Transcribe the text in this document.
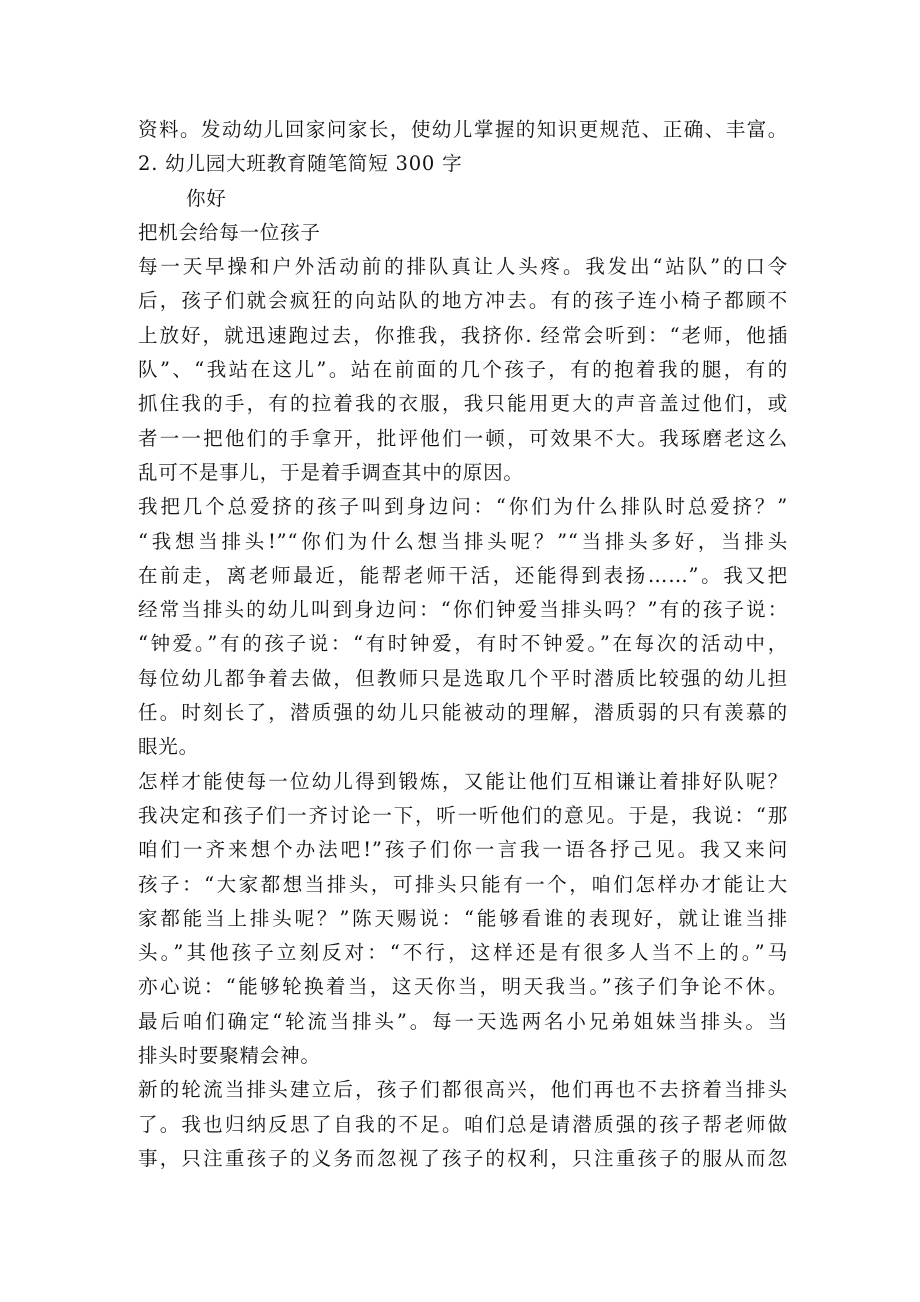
资料。发动幼儿回家问家长，使幼儿掌握的知识更规范、正确、丰富。
2. 幼儿园大班教育随笔简短 300 字
你好
把机会给每一位孩子
每一天早操和户外活动前的排队真让人头疼。我发出“站队”的口令
后，孩子们就会疯狂的向站队的地方冲去。有的孩子连小椅子都顾不
上放好，就迅速跑过去，你推我，我挤你. 经常会听到：“老师，他插
队”、“我站在这儿”。站在前面的几个孩子，有的抱着我的腿，有的
抓住我的手，有的拉着我的衣服，我只能用更大的声音盖过他们，或
者一一把他们的手拿开，批评他们一顿，可效果不大。我琢磨老这么
乱可不是事儿，于是着手调查其中的原因。
我把几个总爱挤的孩子叫到身边问：“你们为什么排队时总爱挤？”
“我想当排头!”“你们为什么想当排头呢？”“当排头多好，当排头
在前走，离老师最近，能帮老师干活，还能得到表扬……”。我又把
经常当排头的幼儿叫到身边问：“你们钟爱当排头吗？”有的孩子说：
“钟爱。”有的孩子说：“有时钟爱，有时不钟爱。”在每次的活动中，
每位幼儿都争着去做，但教师只是选取几个平时潜质比较强的幼儿担
任。时刻长了，潜质强的幼儿只能被动的理解，潜质弱的只有羡慕的
眼光。
怎样才能使每一位幼儿得到锻炼，又能让他们互相谦让着排好队呢？
我决定和孩子们一齐讨论一下，听一听他们的意见。于是，我说：“那
咱们一齐来想个办法吧!”孩子们你一言我一语各抒己见。我又来问
孩子：“大家都想当排头，可排头只能有一个，咱们怎样办才能让大
家都能当上排头呢？”陈天赐说：“能够看谁的表现好，就让谁当排
头。”其他孩子立刻反对：“不行，这样还是有很多人当不上的。”马
亦心说：“能够轮换着当，这天你当，明天我当。”孩子们争论不休。
最后咱们确定“轮流当排头”。每一天选两名小兄弟姐妹当排头。当
排头时要聚精会神。
新的轮流当排头建立后，孩子们都很高兴，他们再也不去挤着当排头
了。我也归纳反思了自我的不足。咱们总是请潜质强的孩子帮老师做
事，只注重孩子的义务而忽视了孩子的权利，只注重孩子的服从而忽
